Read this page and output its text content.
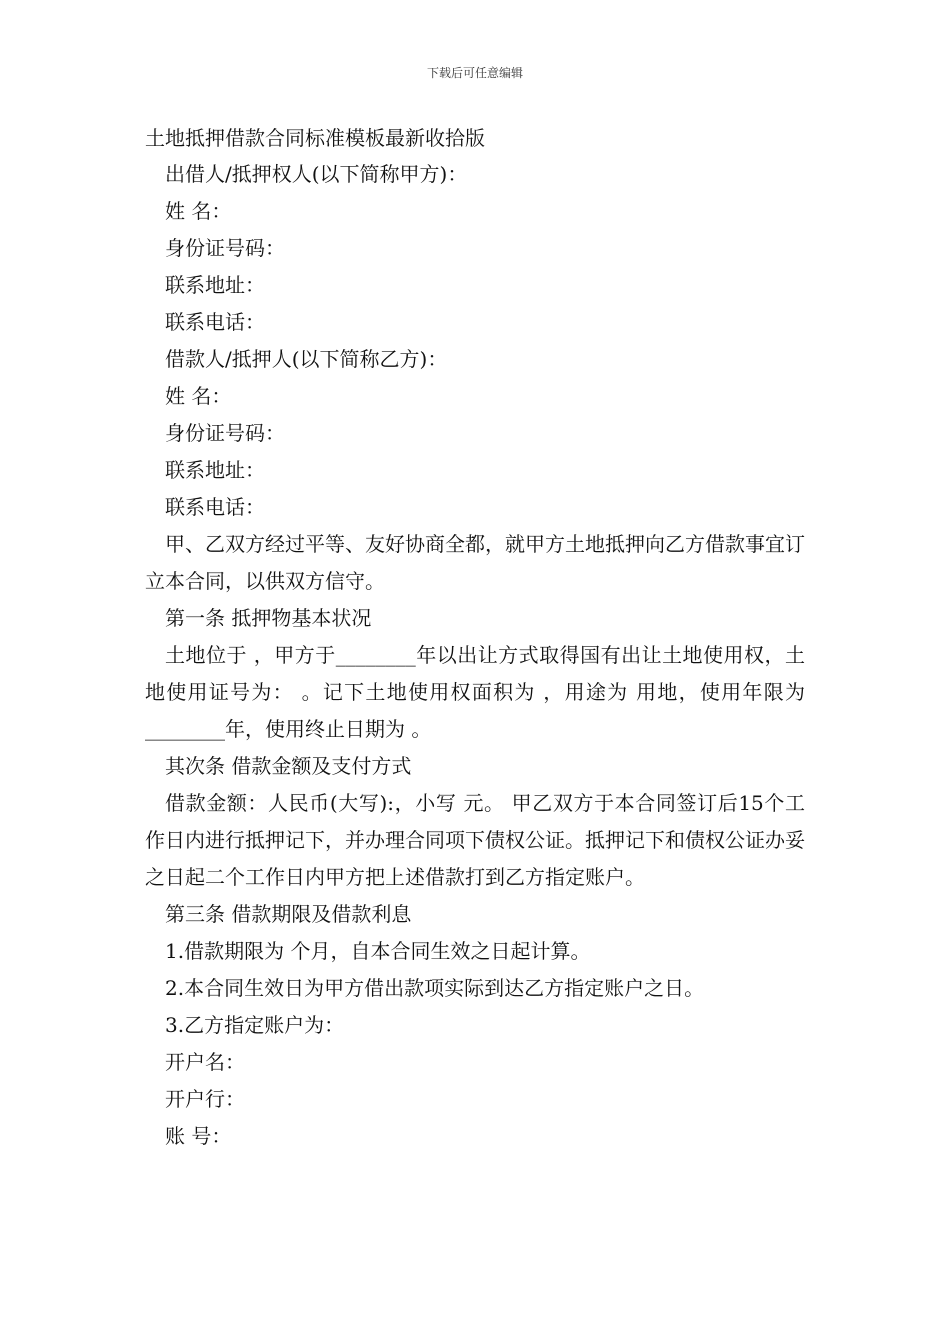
下载后可任意编辑
土地抵押借款合同标准模板最新收拾版
出借人/抵押权人(以下简称甲方)：
姓 名：
身份证号码：
联系地址：
联系电话：
借款人/抵押人(以下简称乙方)：
姓 名：
身份证号码：
联系地址：
联系电话：
甲、乙双方经过平等、友好协商全都，就甲方土地抵押向乙方借款事宜订立本合同，以供双方信守。
第一条 抵押物基本状况
土地位于 ，甲方于________年以出让方式取得国有出让土地使用权，土地使用证号为： 。记下土地使用权面积为 ，用途为 用地，使用年限为________年，使用终止日期为 。
其次条 借款金额及支付方式
借款金额：人民币(大写):，小写 元。 甲乙双方于本合同签订后15个工作日内进行抵押记下，并办理合同项下债权公证。抵押记下和债权公证办妥之日起二个工作日内甲方把上述借款打到乙方指定账户。
第三条 借款期限及借款利息
1.借款期限为 个月，自本合同生效之日起计算。
2.本合同生效日为甲方借出款项实际到达乙方指定账户之日。
3.乙方指定账户为：
开户名：
开户行：
账 号：
